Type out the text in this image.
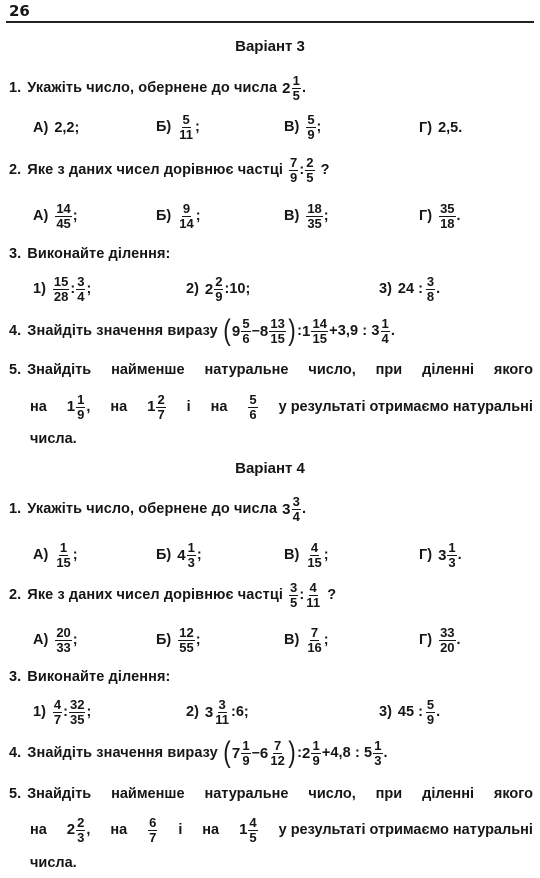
26
Варіант 3
1. Укажіть число, обернене до числа $2 \frac{1}{5}$ .
А) 2,2;	$Б) \frac{5}{11}$ ;	$В) \frac{5}{9}$ ;	Г) 2,5.
2. Яке з даних чисел дорівнює частці $\frac{7}{9}$ : $\frac{2}{5}$ ?
$А) \frac{14}{45}$ ;	$Б) \frac{9}{14}$ ;	$В) \frac{18}{35}$ ;	$Г) \frac{35}{18}$ .
3. Виконайте ділення:
$1) \frac{15}{28}$ : $\frac{3}{4}$ ;	2) $2 \frac{2}{9}$ :10;	3) 24 : $\frac{3}{8}$ .
4. Знайдіть значення виразу ( $9 \frac{5}{6} - 8 \frac{13}{15}$ ) : $1 \frac{14}{15} +3,9$ : $3 \frac{1}{4}$ .
5. Знайдіть найменше натуральне число, при діленні якого
на $1 \frac{1}{9}$ , на $1 \frac{2}{7}$ і на $\frac{5}{6}$ у результаті отримаємо натуральні
числа.
Варіант 4
1. Укажіть число, обернене до числа $3 \frac{3}{4}$ .
$А) \frac{1}{15}$ ;	Б) $4 \frac{1}{3}$ ;	$В) \frac{4}{15}$ ;	Г) $3 \frac{1}{3}$ .
2. Яке з даних чисел дорівнює частці $\frac{3}{5}$ : $\frac{4}{11}$ ?
$А) \frac{20}{33}$ ;	$Б) \frac{12}{55}$ ;	$В) \frac{7}{16}$ ;	$Г) \frac{33}{20}$ .
3. Виконайте ділення:
$1) \frac{4}{7}$ : $\frac{32}{35}$ ;	2) $3 \frac{3}{11}$ :6;	3) 45 : $\frac{5}{9}$ .
4. Знайдіть значення виразу ( $7 \frac{1}{9} - 6 \frac{7}{12}$ ) : $2 \frac{1}{9} +4,8$ : $5 \frac{1}{3}$ .
5. Знайдіть найменше натуральне число, при діленні якого
на $2 \frac{2}{3}$ , на $\frac{6}{7}$ і на $1 \frac{4}{5}$ у результаті отримаємо натуральні
числа.
